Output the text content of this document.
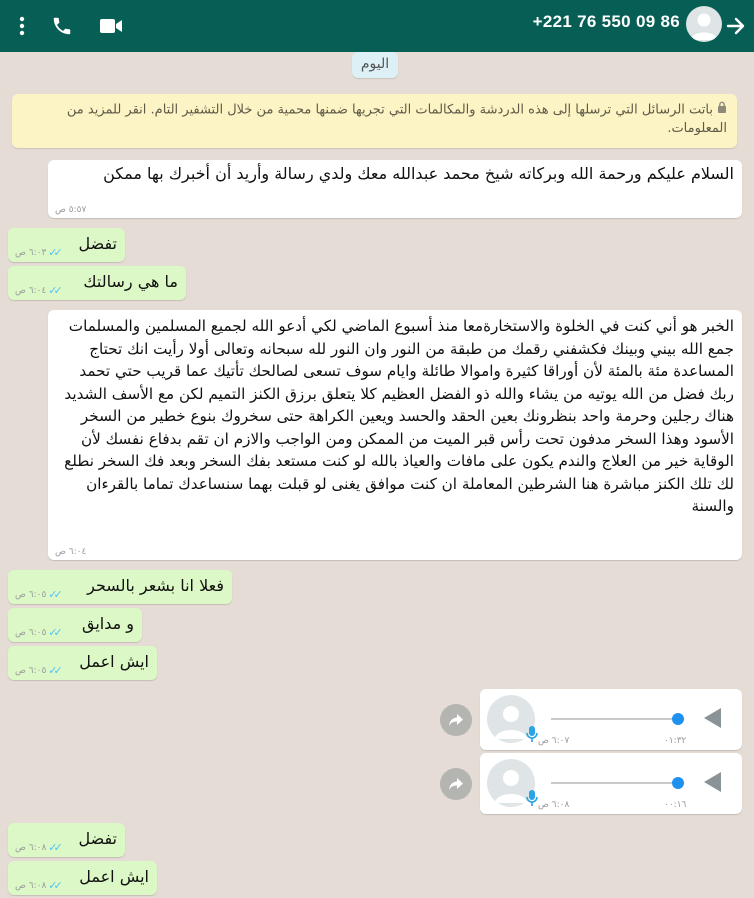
+221 76 550 09 86
اليوم
باتت الرسائل التي ترسلها إلى هذه الدردشة والمكالمات التي تجريها ضمنها محمية من خلال التشفير التام. انقر للمزيد من المعلومات.
السلام عليكم ورحمة الله وبركاته شيخ محمد عبدالله معك ولدي رسالة وأريد أن أخبرك بها ممكن
٥:٥٧ ص
تفضل
✓✓
٦:٠٣ ص
ما هي رسالتك
✓✓
٦:٠٤ ص
الخبر هو أني كنت في الخلوة والاستخارةمعا منذ أسبوع الماضي لكي أدعو الله لجميع المسلمين والمسلمات جمع الله بيني وبينك فكشفني رقمك من طبقة من النور وان النور لله سبحانه وتعالى أولا رأيت انك تحتاج المساعدة مئة بالمئة لأن أوراقا كثيرة واموالا طائلة وايام سوف تسعى لصالحك تأتيك عما قريب حتي تحمد ربك فضل من الله يوتيه من يشاء والله ذو الفضل العظيم كلا يتعلق برزق الكنز التميم لكن مع الأسف الشديد هناك رجلين وحرمة واحد بنظرونك بعين الحقد والحسد ويعين الكراهة حتى سخروك بنوع خطير من السخر الأسود وهذا السخر مدفون تحت رأس قبر الميت من الممكن ومن الواجب والازم ان تقم بدفاع نفسك لأن الوقاية خير من العلاج والندم يكون على مافات والعياذ بالله لو كنت مستعد بفك السخر وبعد فك السخر نطلع لك تلك الكنز مباشرة هنا الشرطين المعاملة ان كنت موافق يغنى لو قبلت بهما سنساعدك تماما بالقرءان والسنة
٦:٠٤ ص
فعلا انا بشعر بالسحر
✓✓
٦:٠٥ ص
و مدايق
✓✓
٦:٠٥ ص
ايش اعمل
✓✓
٦:٠٥ ص
٠١:٣٢
٦:٠٧ ص
٠٠:١٦
٦:٠٨ ص
تفضل
✓✓
٦:٠٨ ص
ايش اعمل
✓✓
٦:٠٨ ص
